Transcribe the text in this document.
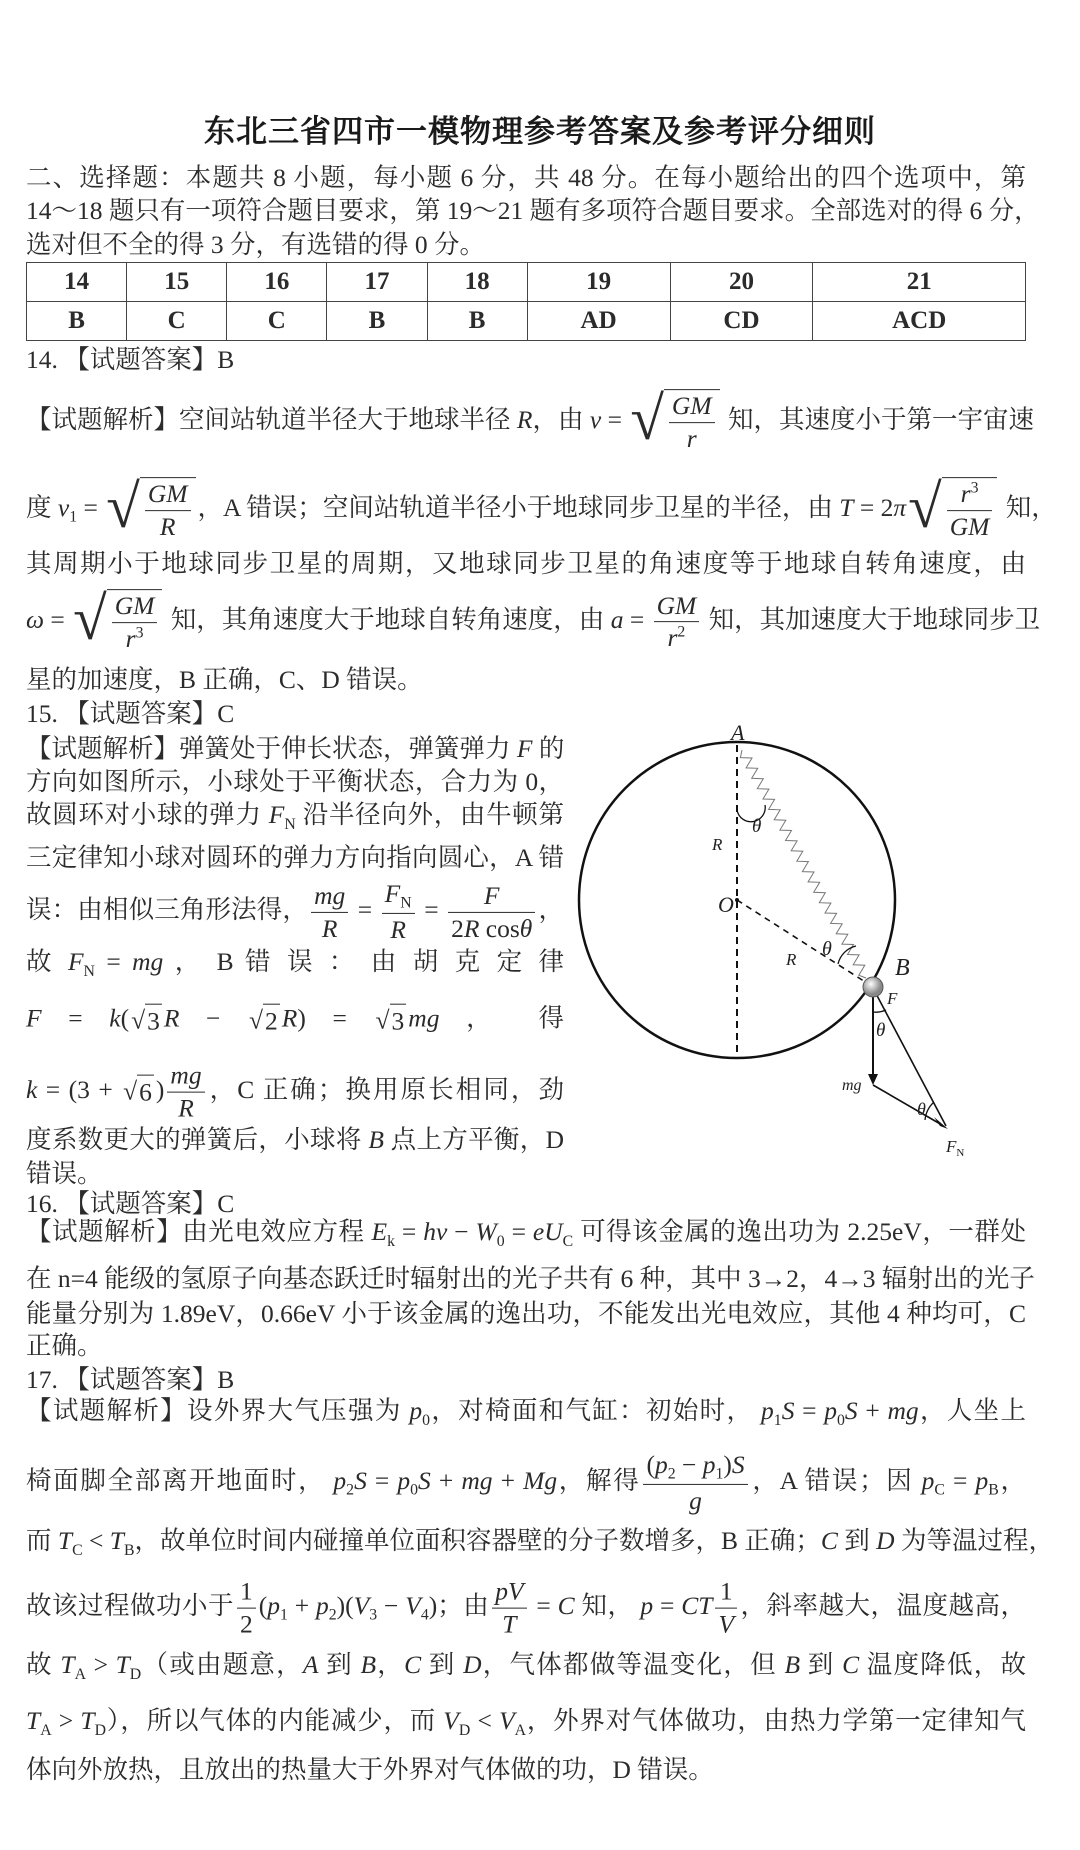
东北三省四市一模物理参考答案及参考评分细则
二、选择题：本题共 8 小题，每小题 6 分，共 48 分。在每小题给出的四个选项中，第
14～18 题只有一项符合题目要求，第 19～21 题有多项符合题目要求。全部选对的得 6 分，
选对但不全的得 3 分，有选错的得 0 分。
14	15	16	17	18	19	20	21
B	C	C	B	B	AD	CD	ACD
14. 【试题答案】B
【试题解析】空间站轨道半径大于地球半径 R，由 v = √ $\frac{GM}{r}$ 知，其速度小于第一宇宙速
度 $v_1$ = √ $\frac{GM}{R}$ ，A 错误；空间站轨道半径小于地球同步卫星的半径，由 T = 2π √ $\frac{r^3}{GM}$ 知，
其周期小于地球同步卫星的周期，又地球同步卫星的角速度等于地球自转角速度，由
ω = √ $\frac{GM}{r^3}$ 知，其角速度大于地球自转角速度，由 $a = \frac{GM}{r^2}$ 知，其加速度大于地球同步卫
星的加速度，B 正确，C、D 错误。
15. 【试题答案】C
【试题解析】弹簧处于伸长状态，弹簧弹力 F 的
方向如图所示，小球处于平衡状态，合力为 0，
故圆环对小球的弹力 $F_N$ 沿半径向外，由牛顿第
三定律知小球对圆环的弹力方向指向圆心，A 错
误：由相似三角形法得， $\frac{mg}{R} = \frac{F_N}{R} = \frac{F}{\text{2R cosθ}}$ ，
故 $F_N$ = mg ， B 错 误 ： 由 胡 克 定 律
F = k( √ 3 R − √ 2 R) = √ 3 mg ， 得
k = (3 + √ 6 ) $\frac{mg}{R}$ ，C 正确；换用原长相同，劲
度系数更大的弹簧后，小球将 B 点上方平衡，D
错误。
A
R
O
θ
θ
R	B
F
θ
mg
θ
$F_N$
16. 【试题答案】C
【试题解析】由光电效应方程 $E_k = h\nu - W_0 = eU_C$ 可得该金属的逸出功为 2.25eV，一群处
在 n=4 能级的氢原子向基态跃迁时辐射出的光子共有 6 种，其中 3→2，4→3 辐射出的光子
能量分别为 1.89eV，0.66eV 小于该金属的逸出功，不能发出光电效应，其他 4 种均可，C
正确。
17. 【试题答案】B
【试题解析】设外界大气压强为 $p_0$，对椅面和气缸：初始时， $p_1S = p_0S$ + mg，人坐上
椅面脚全部离开地面时， $p_2S = p_0S$ + mg + Mg，解得 $\frac{(p_2 - p_1)S}{g}$ ，A 错误；因 $p_C = p_B$，
而 $T_C < T_B$，故单位时间内碰撞单位面积容器壁的分子数增多，B 正确；C 到 D 为等温过程，
故该过程做功小于 $\frac{1}{2} (p_1 + p_2)(V_3 - V_4)$；由 $\frac{pV}{T} = C$ 知， p = CT $\frac{1}{V}$ ，斜率越大，温度越高，
故 $T_A > T_D$（或由题意，A 到 B，C 到 D，气体都做等温变化，但 B 到 C 温度降低，故
$T_A > T_D$），所以气体的内能减少，而 $V_D < V_A$，外界对气体做功，由热力学第一定律知气
体向外放热，且放出的热量大于外界对气体做的功，D 错误。
